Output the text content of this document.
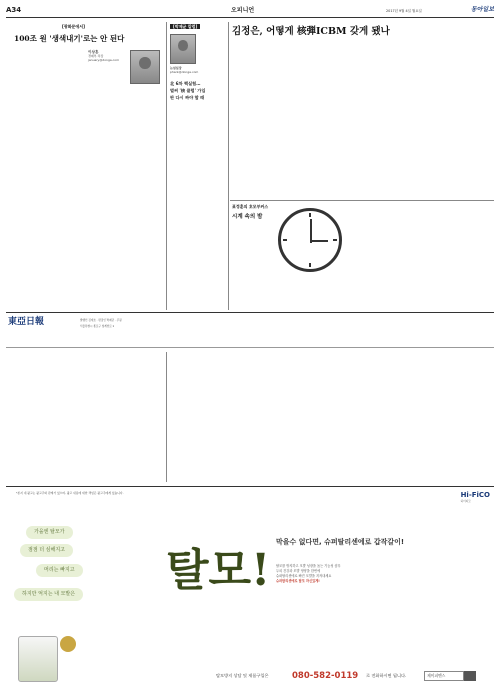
A34	오피니언	2017년 9월 4일 월요일	동아일보
[광화문에서]
100조 원 '생색내기'로는 안 된다

이상훈
경제부 차장
january@donga.com
[박제균 칼럼]
논설실장
phark@donga.com
北 6차 핵실험…
벌써 '核 클럽' 가입
판 다시 짜야 할 때
김정은, 어떻게 核弾ICBM 갖게 됐나

표정훈의 호모부커스
시계 속의 밤

東亞日報	발행인 김재호 · 편집인 박제균 · 주필
서울특별시 종로구 청계천로 1

*본지 내 광고는 광고주와 관계가 있으며, 광고 내용에 대한 책임은 광고주에게 있습니다.	Hi-FiCO
하이피코
가을엔 탈모가
점점 더 심해지고
머리는 빠지고
하지만 억지는 내 모발은 탈모!
막을수 없다면, 슈퍼탈리센에로 갑작갈이!
탈모를 방지하고 모발 성장을 돕는 기능성 샴푸
두피 건강과 모발 영양을 한번에
슈퍼탈리센에로 빠진 모발을 지켜내세요
슈퍼탈리센에로 탈모 자신있게!
탈모방지 상담 및 제품구입은	080-582-0119 로 전화하시면 됩니다.	제이피엔스
